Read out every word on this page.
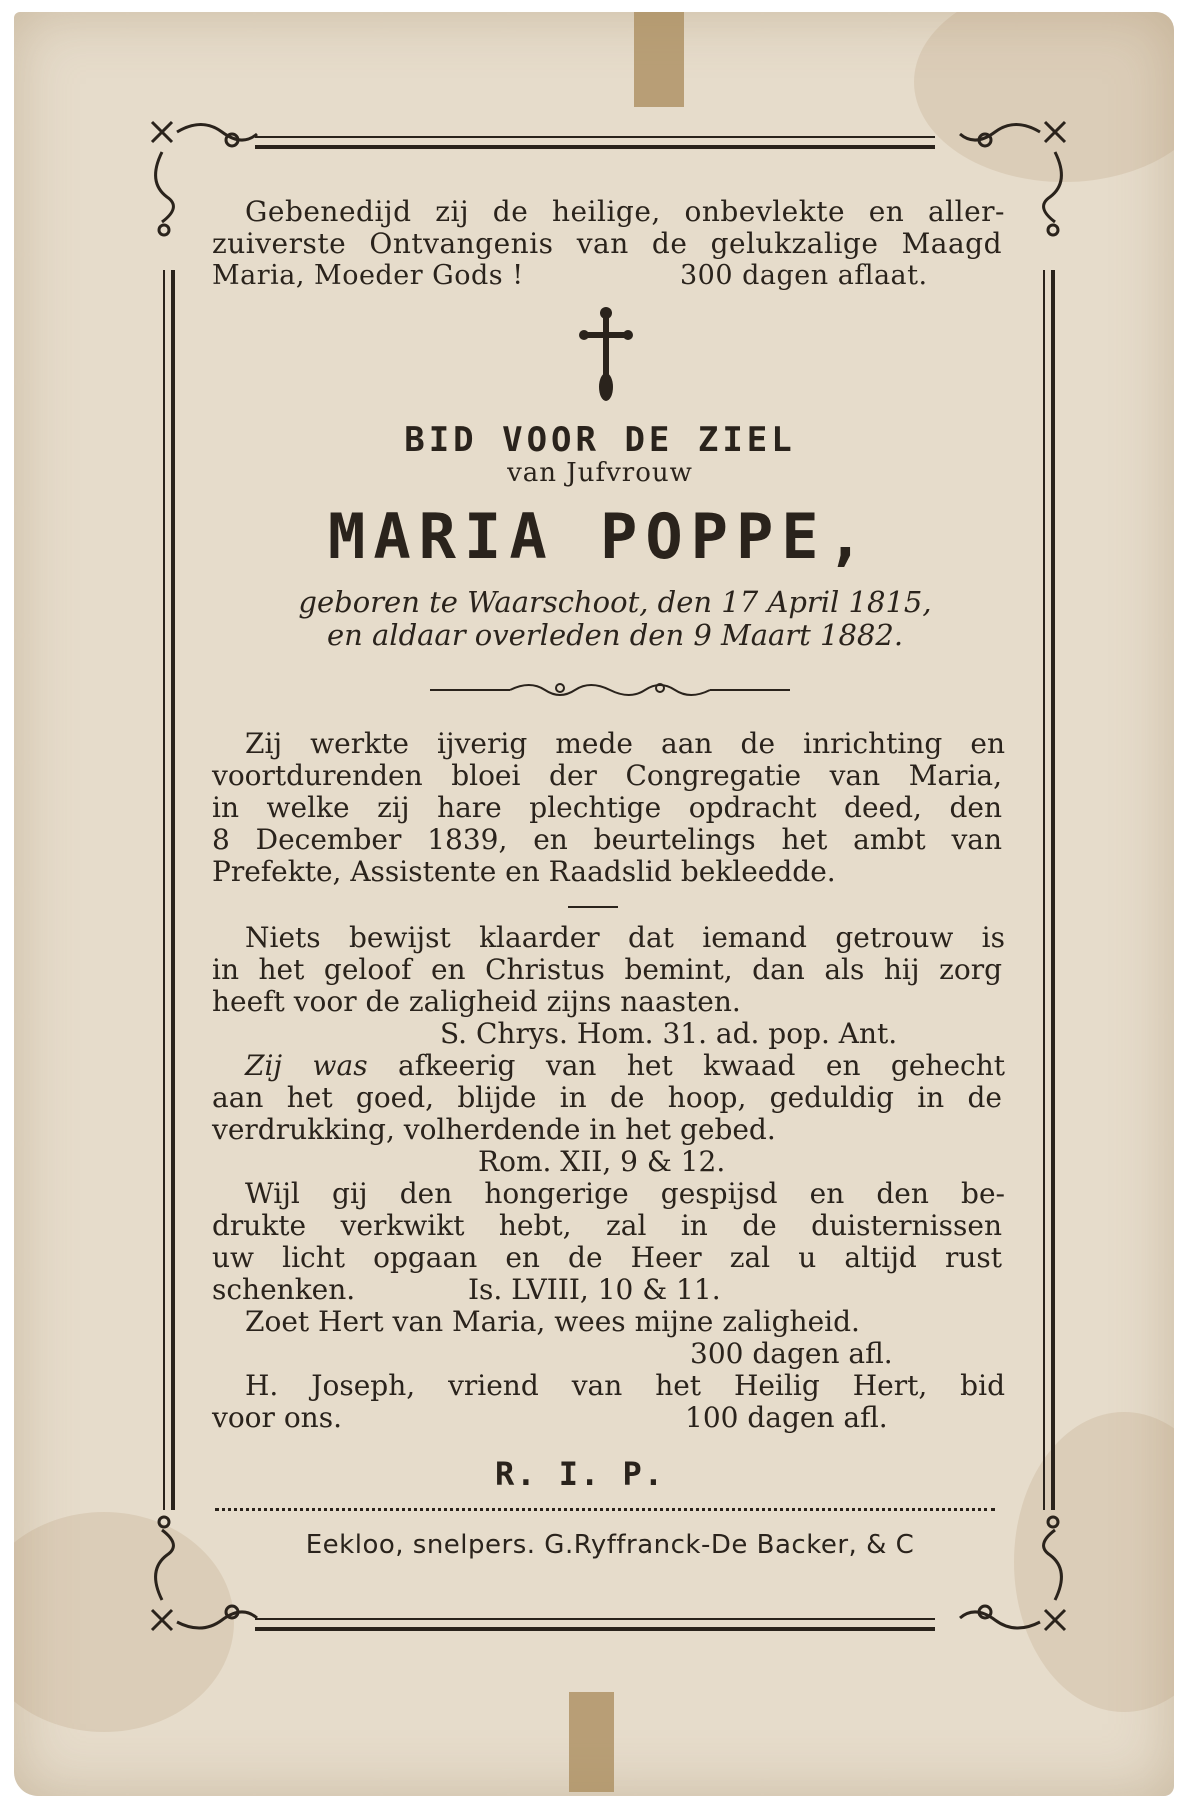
Gebenedijd zij de heilige, onbevlekte en aller-
zuiverste Ontvangenis van de gelukzalige Maagd
Maria, Moeder Gods !	300 dagen aflaat.
BID VOOR DE ZIEL
van Jufvrouw
MARIA POPPE,
geboren te Waarschoot, den 17 April 1815,
en aldaar overleden den 9 Maart 1882.
Zij werkte ijverig mede aan de inrichting en
voortdurenden bloei der Congregatie van Maria,
in welke zij hare plechtige opdracht deed, den
8 December 1839, en beurtelings het ambt van
Prefekte, Assistente en Raadslid bekleedde.
Niets bewijst klaarder dat iemand getrouw is
in het geloof en Christus bemint, dan als hij zorg
heeft voor de zaligheid zijns naasten.
S. Chrys. Hom. 31. ad. pop. Ant.
Zij was afkeerig van het kwaad en gehecht
aan het goed, blijde in de hoop, geduldig in de
verdrukking, volherdende in het gebed.
Rom. XII, 9 & 12.
Wijl gij den hongerige gespijsd en den be-
drukte verkwikt hebt, zal in de duisternissen
uw licht opgaan en de Heer zal u altijd rust
schenken.	Is. LVIII, 10 & 11.
Zoet Hert van Maria, wees mijne zaligheid.
300 dagen afl.
H. Joseph, vriend van het Heilig Hert, bid
voor ons.	100 dagen afl.
R. I. P.
Eekloo, snelpers. G.Ryffranck-De Backer, & C
